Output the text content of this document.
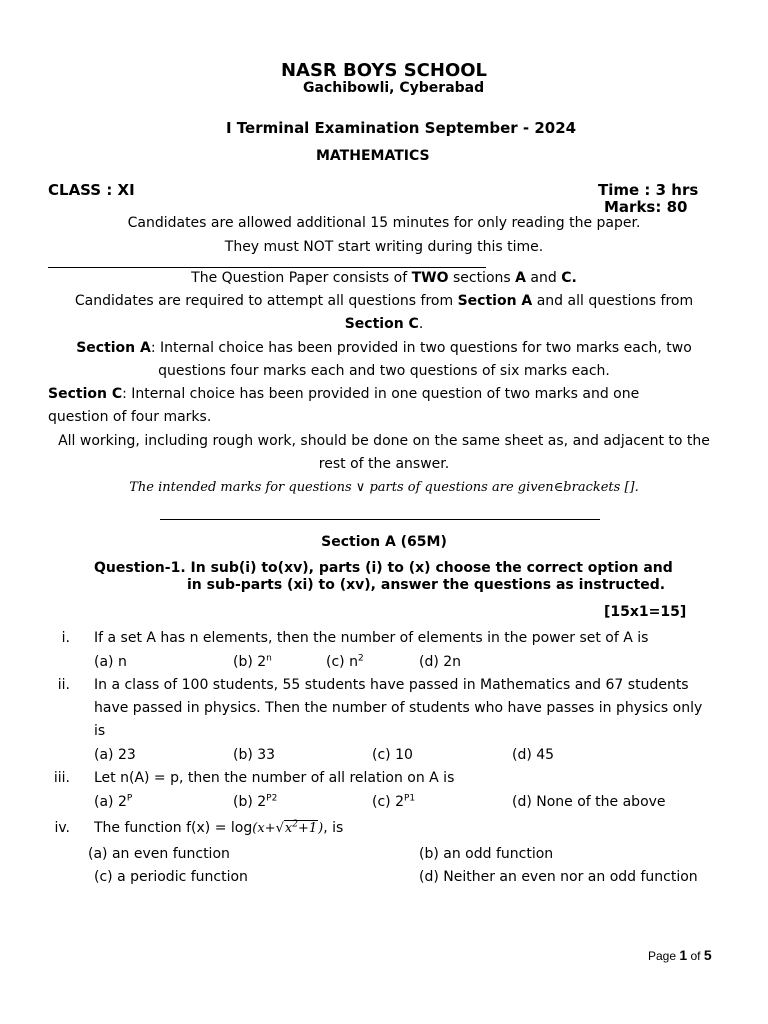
NASR BOYS SCHOOL
Gachibowli, Cyberabad
I Terminal Examination September - 2024
MATHEMATICS
CLASS : XI	Time : 3 hrs
Marks: 80
Candidates are allowed additional 15 minutes for only reading the paper.
They must NOT start writing during this time.
The Question Paper consists of TWO sections A and C.
Candidates are required to attempt all questions from Section A and all questions from
Section C.
Section A: Internal choice has been provided in two questions for two marks each, two
questions four marks each and two questions of six marks each.
Section C: Internal choice has been provided in one question of two marks and one
question of four marks.
All working, including rough work, should be done on the same sheet as, and adjacent to the
rest of the answer.
The intended marks for questions ∨ parts of questions are given∈brackets [].
Section A (65M)
Question-1. In sub(i) to(xv), parts (i) to (x) choose the correct option and
in sub-parts (xi) to (xv), answer the questions as instructed.
[15x1=15]
i. If a set A has n elements, then the number of elements in the power set of A is
(a) n	(b) 2$^n$	(c) $n^2$	(d) 2n
ii. In a class of 100 students, 55 students have passed in Mathematics and 67 students
have passed in physics. Then the number of students who have passes in physics only
is
(a) 23	(b) 33	(c) 10	(d) 45
iii. Let n(A) = p, then the number of all relation on A is
(a) $2^P$	(b) $2^{P2}$	(c) $2^{P1}$	(d) None of the above
iv. The function $f(x) = \log(x+√x^2+1)$, is
(a) an even function	(b) an odd function
(c) a periodic function	(d) Neither an even nor an odd function
Page 1 of 5
